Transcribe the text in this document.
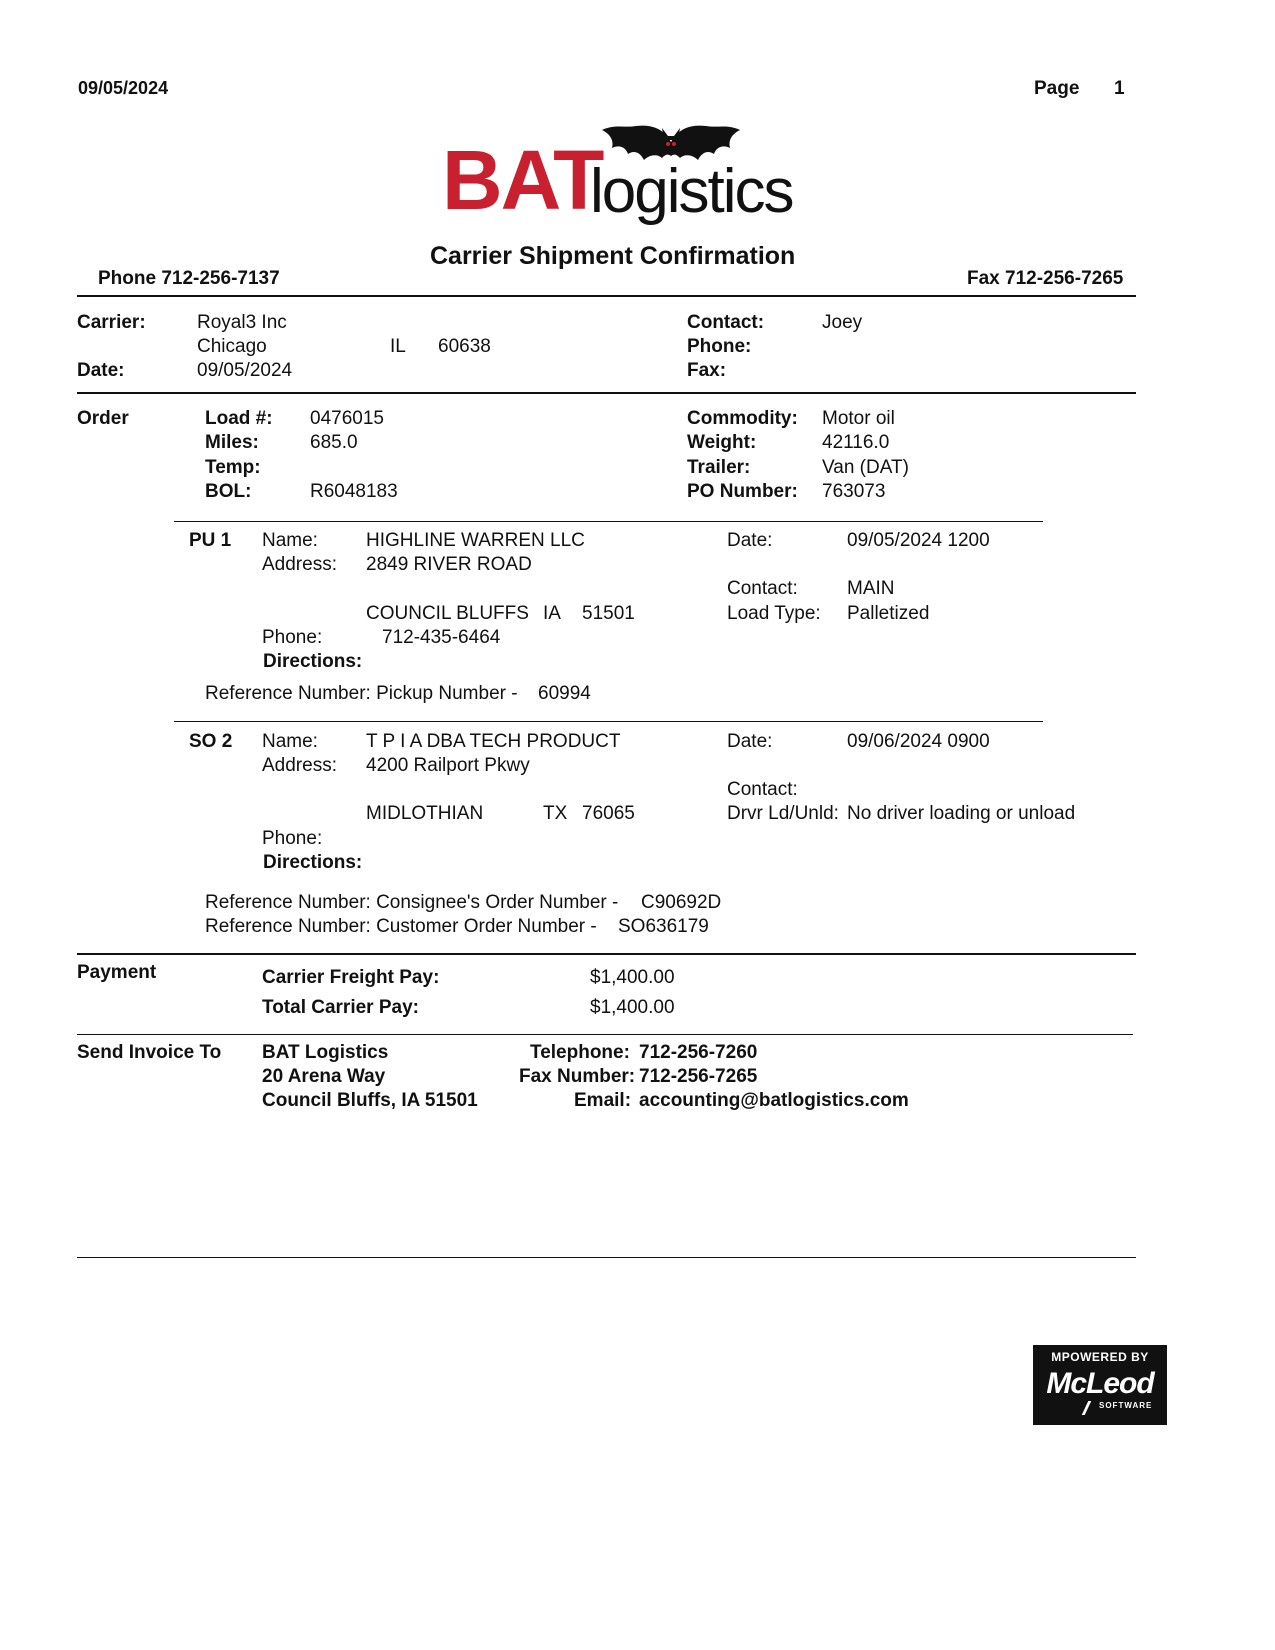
09/05/2024	Page 1
BAT
logistics
Carrier Shipment Confirmation
Phone 712-256-7137	Fax 712-256-7265
Carrier:	Royal3 Inc
Chicago	IL 60638
Date:	09/05/2024
Contact:	Joey
Phone:
Fax:
Order	Load #: 0476015
Miles:	685.0
Temp:
BOL:	R6048183
Commodity: Motor oil
Weight:	42116.0
Trailer:	Van (DAT)
PO Number: 763073
PU 1 Name:	HIGHLINE WARREN LLC
Address: 2849 RIVER ROAD
COUNCIL BLUFFS IA 51501
Phone:	712-435-6464
Directions:
Date:	09/05/2024 1200
Contact:	MAIN
Load Type: Palletized
Reference Number: Pickup Number - 60994
SO 2 Name:	T P I A DBA TECH PRODUCT
Address: 4200 Railport Pkwy
MIDLOTHIAN	TX 76065
Phone:
Directions:
Date:	09/06/2024 0900
Contact:
Drvr Ld/Unld: No driver loading or unload
Reference Number: Consignee's Order Number - C90692D
Reference Number: Customer Order Number - SO636179
Payment	Carrier Freight Pay:	$1,400.00
Total Carrier Pay:	$1,400.00
Send Invoice To BAT Logistics
20 Arena Way
Council Bluffs, IA 51501
Telephone: 712-256-7260
Fax Number: 712-256-7265
Email: accounting@batlogistics.com
MPOWERED BY
McLeod
SOFTWARE
